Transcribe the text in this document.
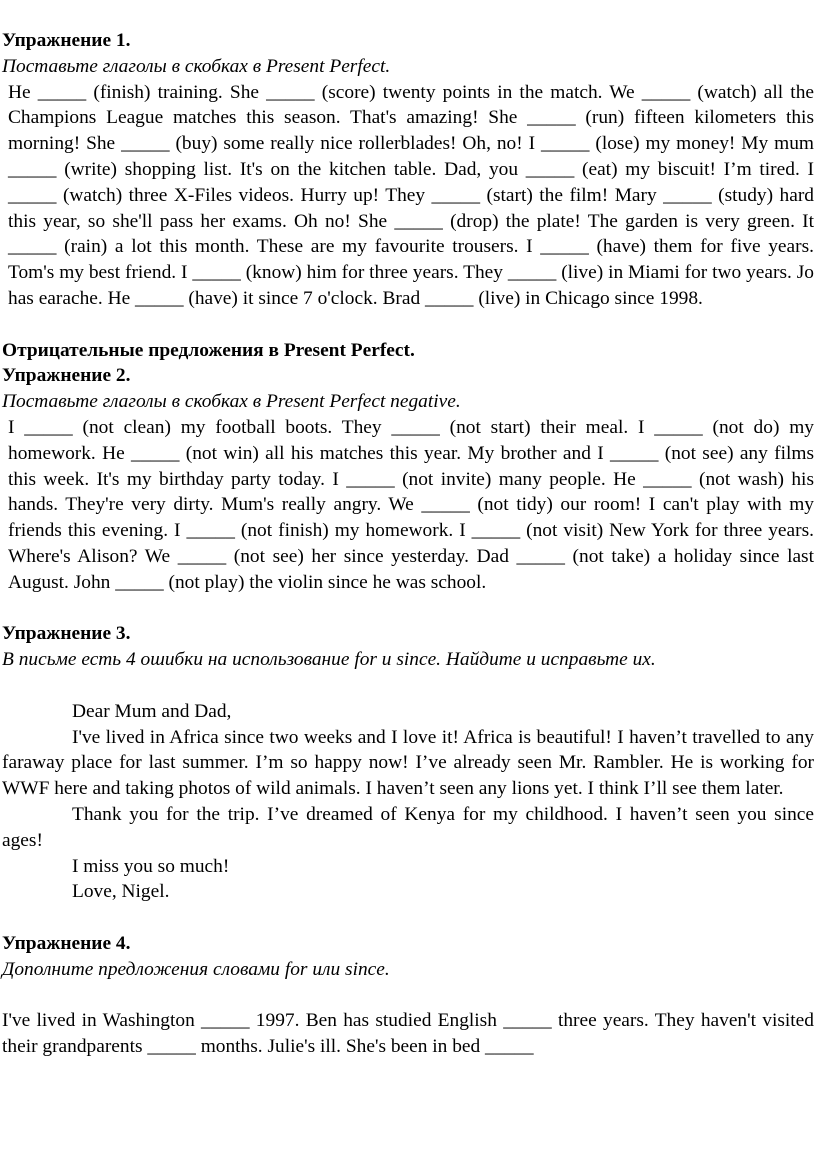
Упражнение 1.

Поставьте глаголы в скобках в Present Perfect.

He _____ (finish) training. She _____ (score) twenty points in the match. We _____ (watch) all the Champions League matches this season. That's amazing! She _____ (run) fifteen kilometers this morning! She _____ (buy) some really nice rollerblades! Oh, no! I _____ (lose) my money! My mum _____ (write) shopping list. It's on the kitchen table. Dad, you _____ (eat) my biscuit! I’m tired. I _____ (watch) three X-Files videos. Hurry up! They _____ (start) the film! Mary _____ (study) hard this year, so she'll pass her exams. Oh no! She _____ (drop) the plate! The garden is very green. It _____ (rain) a lot this month. These are my favourite trousers. I _____ (have) them for five years. Tom's my best friend. I _____ (know) him for three years. They _____ (live) in Miami for two years. Jo has earache. He _____ (have) it since 7 o'clock. Brad _____ (live) in Chicago since 1998.

Отрицательные предложения в Present Perfect.

Упражнение 2.

Поставьте глаголы в скобках в Present Perfect negative.

I _____ (not clean) my football boots. They _____ (not start) their meal. I _____ (not do) my homework. He _____ (not win) all his matches this year. My brother and I _____ (not see) any films this week. It's my birthday party today. I _____ (not invite) many people. He _____ (not wash) his hands. They're very dirty. Mum's really angry. We _____ (not tidy) our room! I can't play with my friends this evening. I _____ (not finish) my homework. I _____ (not visit) New York for three years. Where's Alison? We _____ (not see) her since yesterday. Dad _____ (not take) a holiday since last August. John _____ (not play) the violin since he was school.

Упражнение 3.

В письме есть 4 ошибки на использование for и since. Найдите и исправьте их.

Dear Mum and Dad,

I've lived in Africa since two weeks and I love it! Africa is beautiful! I haven’t travelled to any faraway place for last summer. I’m so happy now! I’ve already seen Mr. Rambler. He is working for WWF here and taking photos of wild animals. I haven’t seen any lions yet. I think I’ll see them later.

Thank you for the trip. I’ve dreamed of Kenya for my childhood. I haven’t seen you since ages!

I miss you so much!

Love, Nigel.

Упражнение 4.

Дополните предложения словами for или since.

I've lived in Washington _____ 1997. Ben has studied English _____ three years. They haven't visited their grandparents _____ months. Julie's ill. She's been in bed _____
